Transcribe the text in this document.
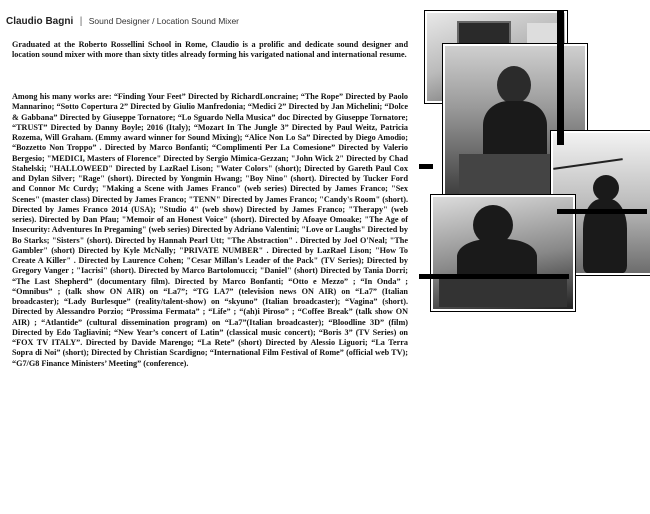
Claudio Bagni | Sound Designer / Location Sound Mixer

Graduated at the Roberto Rossellini School in Rome, Claudio is a prolific and dedicate sound designer and location sound mixer with more than sixty titles already forming his varigated national and international resume.

Among his many works are: “Finding Your Feet” Directed by RichardLoncraine; “The Rope” Directed by Paolo Mannarino; “Sotto Copertura 2” Directed by Giulio Manfredonia; “Medici 2” Directed by Jan Michelini; “Dolce & Gabbana” Directed by Giuseppe Tornatore; “Lo Sguardo Nella Musica” doc Directed by Giuseppe Tornatore; “TRUST” Directed by Danny Boyle; 2016 (Italy); “Mozart In The Jungle 3” Directed by Paul Weitz, Patricia Rozema, Will Graham. (Emmy award winner for Sound Mixing); “Alice Non Lo Sa” Directed by Diego Amodio; “Bozzetto Non Troppo” . Directed by Marco Bonfanti; “Complimenti Per La Comesione” Directed by Valerio Bergesio; "MEDICI, Masters of Florence" Directed by Sergio Mimica-Gezzan; "John Wick 2" Directed by Chad Stahelski; "HALLOWEED" Directed by LazRael Lison; "Water Colors" (short); Directed by Gareth Paul Cox and Dylan Silver; "Rage" (short). Directed by Yongmin Hwang; "Boy Nino" (short). Directed by Tucker Ford and Connor Mc Curdy; "Making a Scene with James Franco" (web series) Directed by James Franco; "Sex Scenes" (master class) Directed by James Franco; "TENN" Directed by James Franco; "Candy's Room" (short). Directed by James Franco 2014 (USA); "Studio 4" (web show) Directed by James Franco; "Therapy" (web series). Directed by Dan Pfau; "Memoir of an Honest Voice" (short). Directed by Afoaye Omoake; "The Age of Insecurity: Adventures In Pregaming" (web series) Directed by Adriano Valentini; "Love or Laughs" Directed by Bo Starks; "Sisters" (short). Directed by Hannah Pearl Utt; "The Abstraction" . Directed by Joel O'Neal; "The Gambler" (short) Directed by Kyle McNally; "PRIVATE NUMBER" . Directed by LazRael Lison; "How To Create A Killer" . Directed by Laurence Cohen; "Cesar Millan's Leader of the Pack" (TV Series); Directed by Gregory Vanger ; "Iacrisi" (short). Directed by Marco Bartolomucci; "Daniel" (short) Directed by Tania Dorri; “The Last Shepherd” (documentary film). Directed by Marco Bonfanti; “Otto e Mezzo” ; “In Onda” ; “Omnibus” ; (talk show ON AIR) on “La7”; “TG LA7” (television news ON AIR) on “La7” (Italian broadcaster); “Lady Burlesque” (reality/talent-show) on “skyuno” (Italian broadcaster); “Vagina” (short). Directed by Alessandro Porzio; “Prossima Fermata” ; “Life” ; “(ah)i Piroso” ; “Coffee Break” (talk show ON AIR) ; “Atlantide” (cultural dissemination program) on “La7”(Italian broadcaster); “Bloodline 3D” (film) Directed by Edo Tagliavini; “New Year’s concert of Latin” (classical music concert); “Boris 3” (TV Series) on “FOX TV ITALY”. Directed by Davide Marengo; “La Rete” (short) Directed by Alessio Liguori; “La Terra Sopra di Noi” (short); Directed by Christian Scardigno; “International Film Festival of Rome” (official web TV); “G7/G8 Finance Ministers’ Meeting” (conference).
